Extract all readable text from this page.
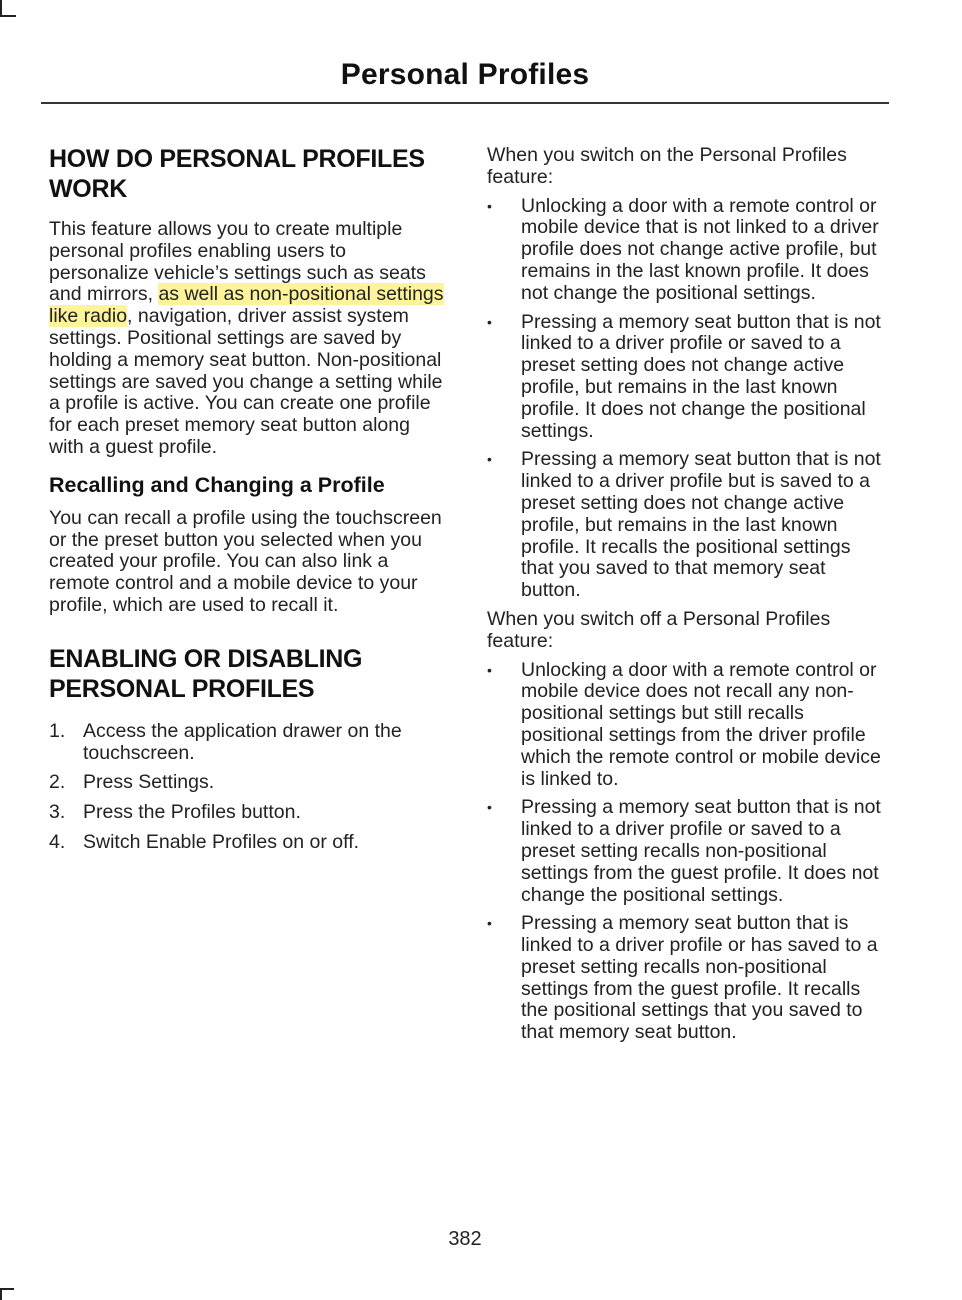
Personal Profiles
HOW DO PERSONAL PROFILES
WORK

This feature allows you to create multiple personal profiles enabling users to personalize vehicle’s settings such as seats and mirrors, as well as non-positional settings like radio, navigation, driver assist system settings. Positional settings are saved by holding a memory seat button. Non-positional settings are saved you change a setting while a profile is active. You can create one profile for each preset memory seat button along with a guest profile.

Recalling and Changing a Profile

You can recall a profile using the touchscreen or the preset button you selected when you created your profile. You can also link a remote control and a mobile device to your profile, which are used to recall it.

ENABLING OR DISABLING
PERSONAL PROFILES
1. Access the application drawer on the touchscreen.
2. Press Settings.
3. Press the Profiles button.
4. Switch Enable Profiles on or off.

When you switch on the Personal Profiles feature:

• Unlocking a door with a remote control or mobile device that is not linked to a driver profile does not change active profile, but remains in the last known profile. It does not change the positional settings.
• Pressing a memory seat button that is not linked to a driver profile or saved to a preset setting does not change active profile, but remains in the last known profile. It does not change the positional settings.
• Pressing a memory seat button that is not linked to a driver profile but is saved to a preset setting does not change active profile, but remains in the last known profile. It recalls the positional settings that you saved to that memory seat button.

When you switch off a Personal Profiles feature:

• Unlocking a door with a remote control or mobile device does not recall any non-positional settings but still recalls positional settings from the driver profile which the remote control or mobile device is linked to.
• Pressing a memory seat button that is not linked to a driver profile or saved to a preset setting recalls non-positional settings from the guest profile. It does not change the positional settings.
• Pressing a memory seat button that is linked to a driver profile or has saved to a preset setting recalls non-positional settings from the guest profile. It recalls the positional settings that you saved to that memory seat button.
382
